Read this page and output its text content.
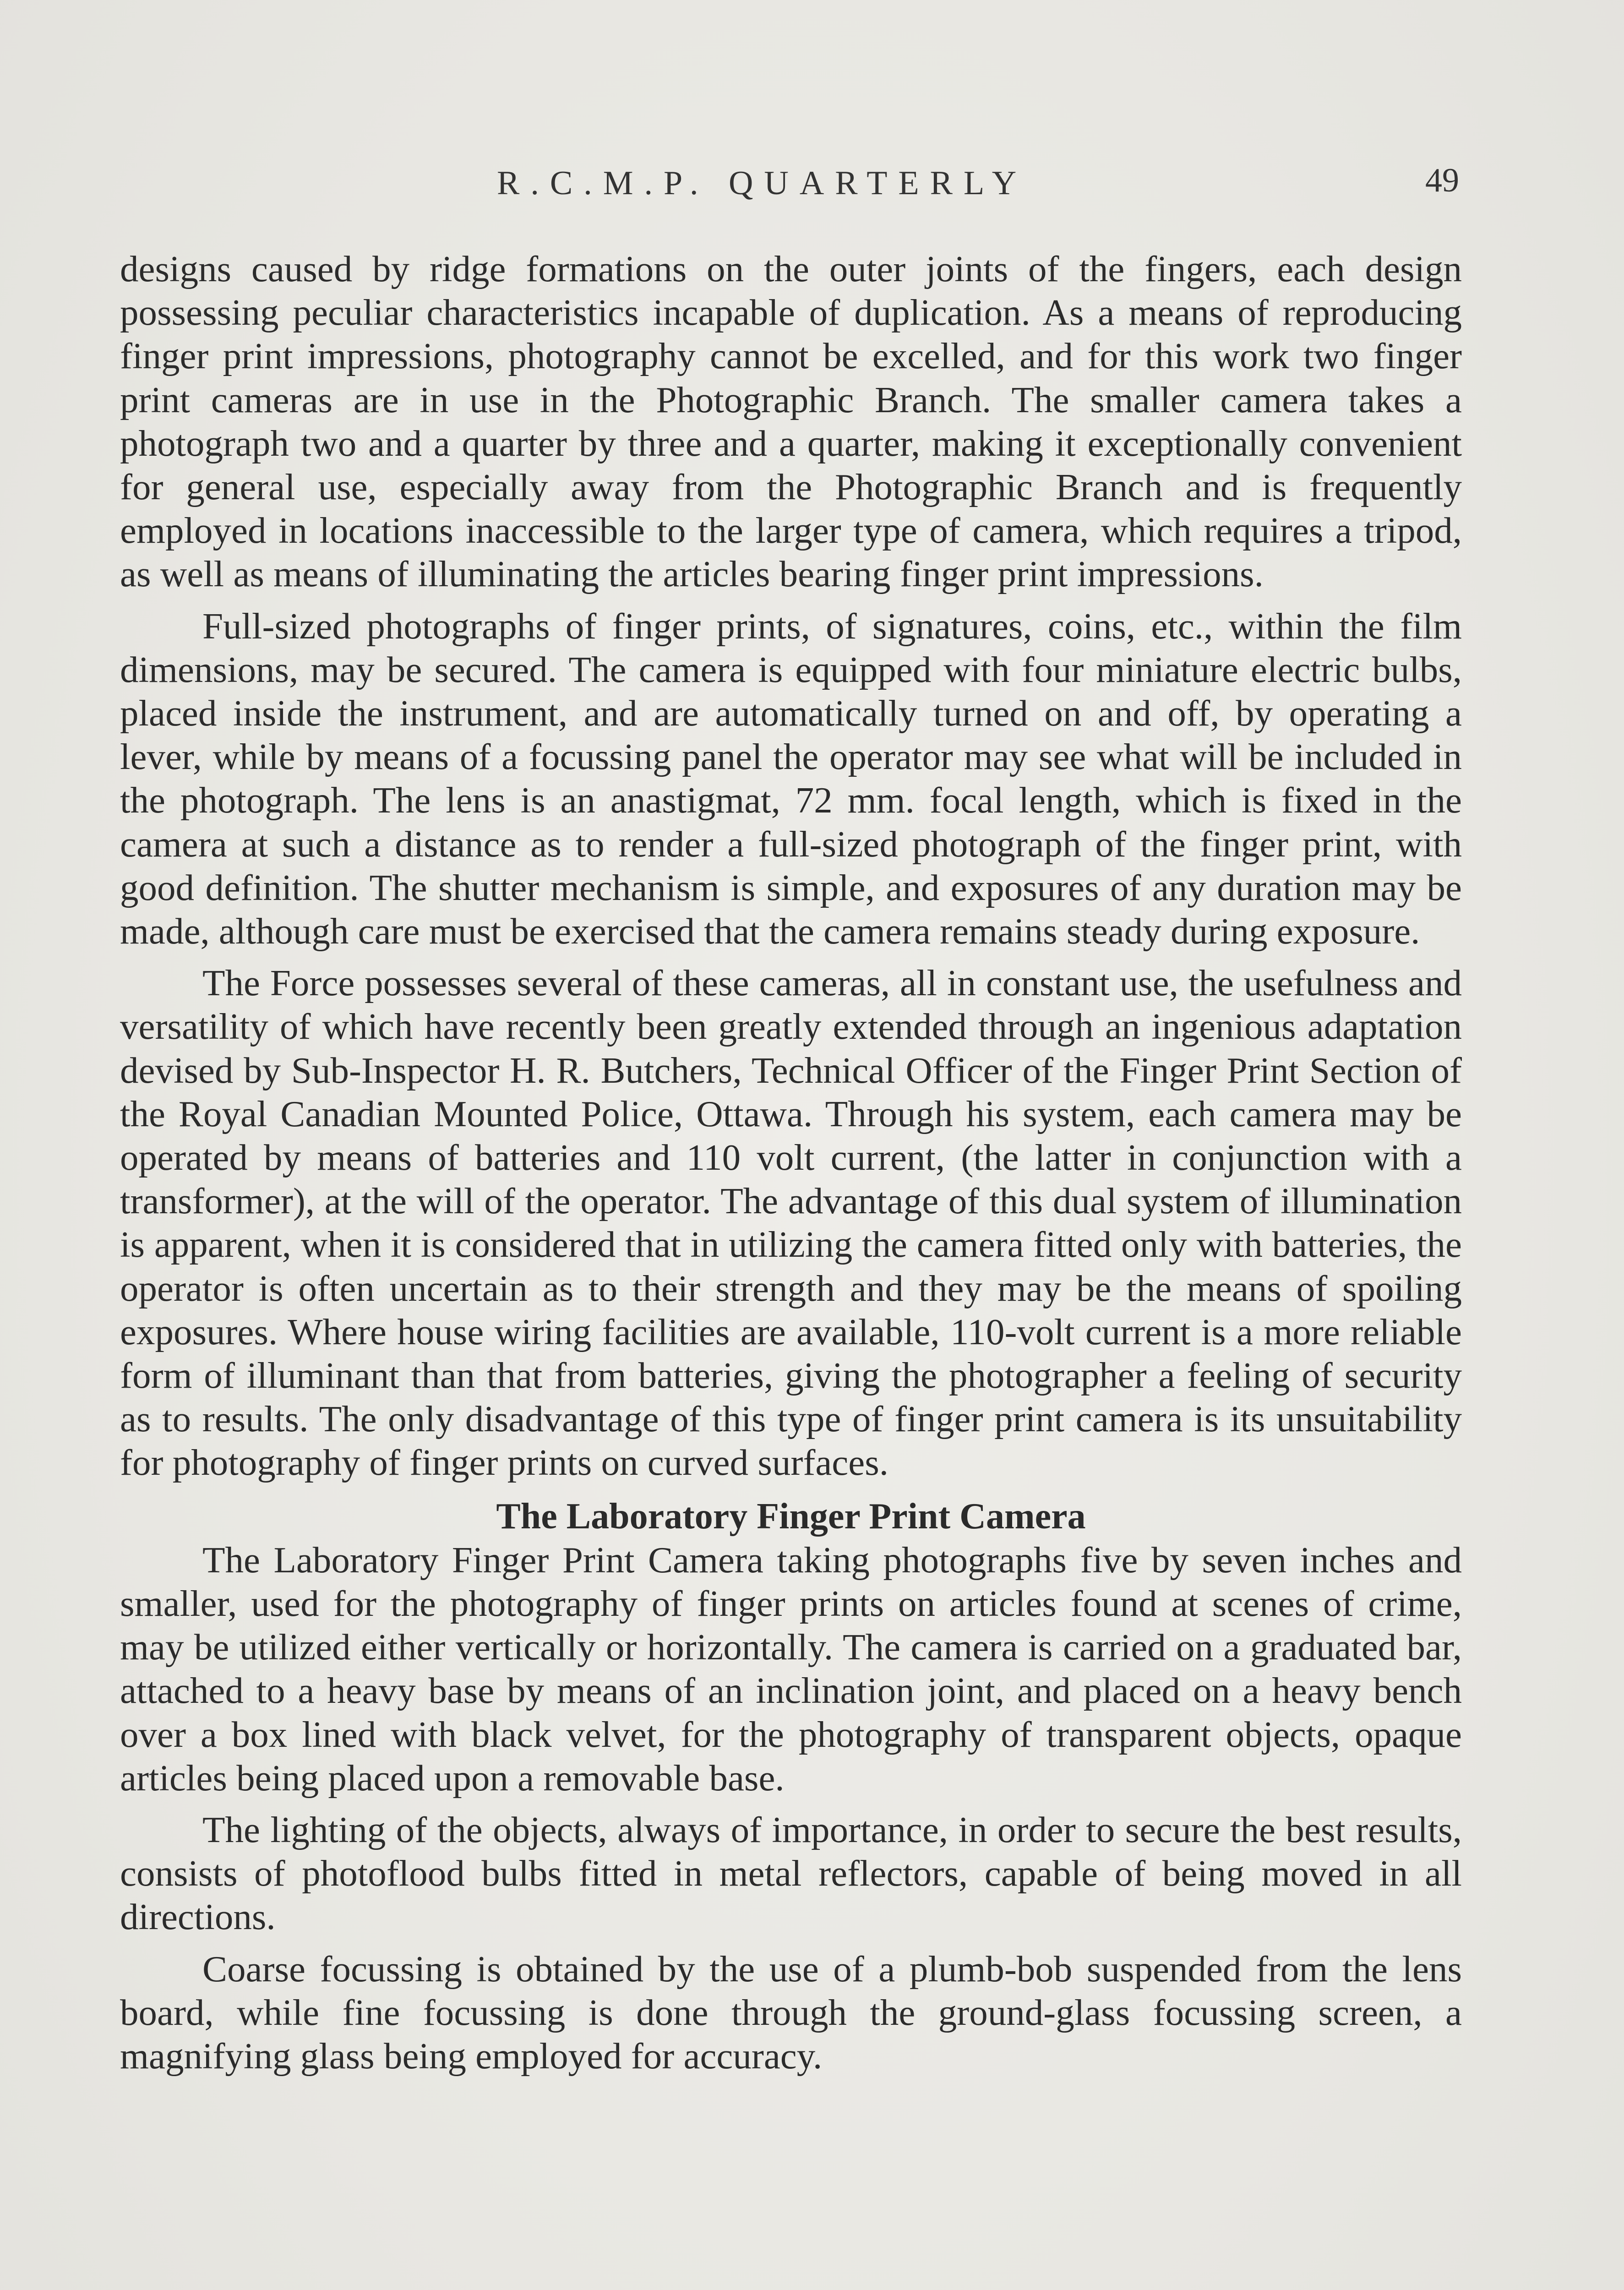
R.C.M.P. QUARTERLY	49

designs caused by ridge formations on the outer joints of the fingers, each design possessing peculiar characteristics incapable of duplication. As a means of reproducing finger print impressions, photography cannot be excelled, and for this work two finger print cameras are in use in the Photographic Branch. The smaller camera takes a photograph two and a quarter by three and a quarter, making it exceptionally convenient for general use, especially away from the Photographic Branch and is frequently employed in locations inaccessible to the larger type of camera, which requires a tripod, as well as means of illuminating the articles bearing finger print impressions.

Full-sized photographs of finger prints, of signatures, coins, etc., within the film dimensions, may be secured. The camera is equipped with four miniature electric bulbs, placed inside the instrument, and are automatically turned on and off, by operating a lever, while by means of a focussing panel the operator may see what will be included in the photograph. The lens is an anastigmat, 72 mm. focal length, which is fixed in the camera at such a distance as to render a full-sized photograph of the finger print, with good definition. The shutter mechanism is simple, and exposures of any duration may be made, although care must be exercised that the camera remains steady during exposure.

The Force possesses several of these cameras, all in constant use, the usefulness and versatility of which have recently been greatly extended through an ingenious adaptation devised by Sub-Inspector H. R. Butchers, Technical Officer of the Finger Print Section of the Royal Canadian Mounted Police, Ottawa. Through his system, each camera may be operated by means of batteries and 110 volt current, (the latter in conjunction with a transformer), at the will of the operator. The advantage of this dual system of illumination is apparent, when it is considered that in utilizing the camera fitted only with batteries, the operator is often uncertain as to their strength and they may be the means of spoiling exposures. Where house wiring facilities are available, 110-volt current is a more reliable form of illuminant than that from batteries, giving the photographer a feeling of security as to results. The only disadvantage of this type of finger print camera is its unsuitability for photography of finger prints on curved surfaces.

The Laboratory Finger Print Camera

The Laboratory Finger Print Camera taking photographs five by seven inches and smaller, used for the photography of finger prints on articles found at scenes of crime, may be utilized either vertically or horizontally. The camera is carried on a graduated bar, attached to a heavy base by means of an inclination joint, and placed on a heavy bench over a box lined with black velvet, for the photography of transparent objects, opaque articles being placed upon a removable base.

The lighting of the objects, always of importance, in order to secure the best results, consists of photoflood bulbs fitted in metal reflectors, capable of being moved in all directions.

Coarse focussing is obtained by the use of a plumb-bob suspended from the lens board, while fine focussing is done through the ground-glass focussing screen, a magnifying glass being employed for accuracy.
